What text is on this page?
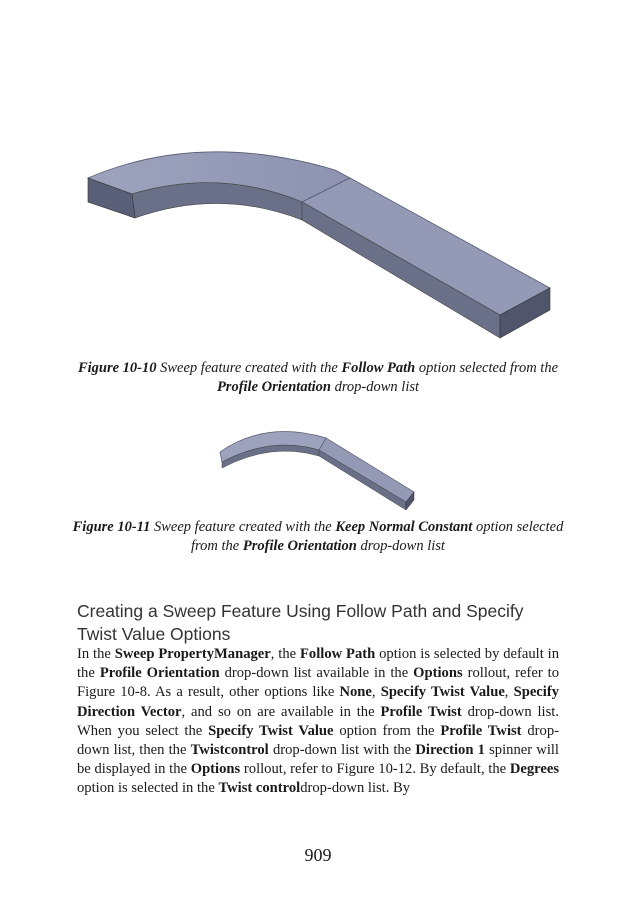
Figure 10-10 Sweep feature created with the Follow Path option selected from the Profile Orientation drop-down list
Figure 10-11 Sweep feature created with the Keep Normal Constant option selected from the Profile Orientation drop-down list
Creating a Sweep Feature Using Follow Path and Specify Twist Value Options
In the Sweep PropertyManager, the Follow Path option is selected by default in the Profile Orientation drop-down list available in the Options rollout, refer to Figure 10-8. As a result, other options like None, Specify Twist Value, Specify Direction Vector, and so on are available in the Profile Twist drop-down list. When you select the Specify Twist Value option from the Profile Twist drop-down list, then the Twistcontrol drop-down list with the Direction 1 spinner will be displayed in the Options rollout, refer to Figure 10-12. By default, the Degrees option is selected in the Twist controldrop-down list. By
909
